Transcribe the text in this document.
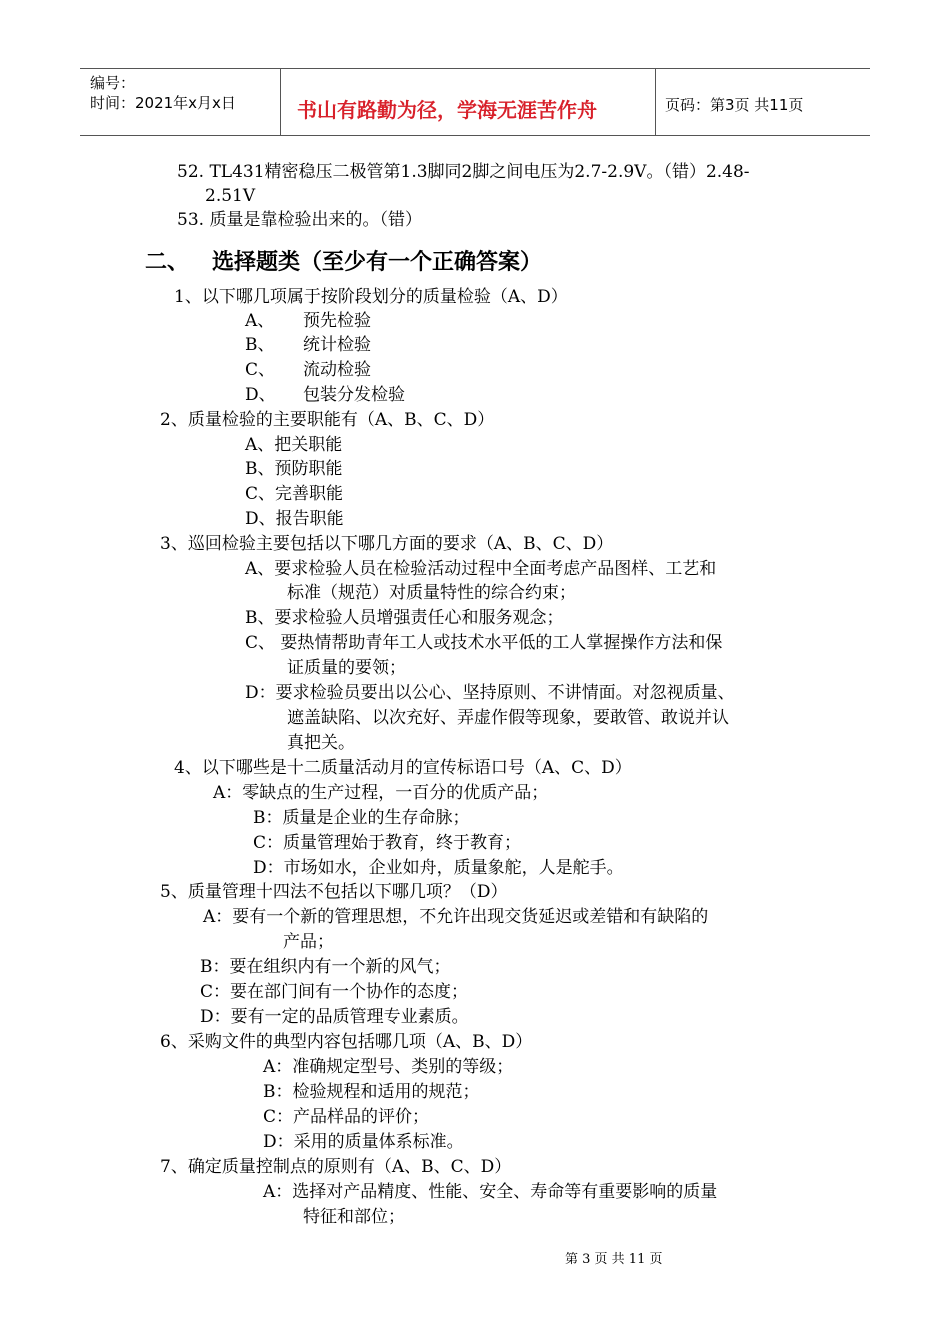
编号：
时间：2021年x月x日	书山有路勤为径，学海无涯苦作舟	页码：第3页 共11页
52. TL431精密稳压二极管第1.3脚同2脚之间电压为2.7-2.9V。（错）2.48-
2.51V
53. 质量是靠检验出来的。（错）
二、 选择题类（至少有一个正确答案）
1、以下哪几项属于按阶段划分的质量检验（A、D）
A、 预先检验
B、 统计检验
C、 流动检验
D、 包装分发检验
2、质量检验的主要职能有（A、B、C、D）
A、把关职能
B、预防职能
C、完善职能
D、报告职能
3、巡回检验主要包括以下哪几方面的要求（A、B、C、D）
A、要求检验人员在检验活动过程中全面考虑产品图样、工艺和
标准（规范）对质量特性的综合约束；
B、要求检验人员增强责任心和服务观念；
C、 要热情帮助青年工人或技术水平低的工人掌握操作方法和保
证质量的要领；
D：要求检验员要出以公心、坚持原则、不讲情面。对忽视质量、
遮盖缺陷、以次充好、弄虚作假等现象，要敢管、敢说并认
真把关。
4、以下哪些是十二质量活动月的宣传标语口号（A、C、D）
A：零缺点的生产过程，一百分的优质产品；
B：质量是企业的生存命脉；
C：质量管理始于教育，终于教育；
D：市场如水，企业如舟，质量象舵，人是舵手。
5、质量管理十四法不包括以下哪几项？（D）
A：要有一个新的管理思想，不允许出现交货延迟或差错和有缺陷的
产品；
B：要在组织内有一个新的风气；
C：要在部门间有一个协作的态度；
D：要有一定的品质管理专业素质。
6、采购文件的典型内容包括哪几项（A、B、D）
A：准确规定型号、类别的等级；
B：检验规程和适用的规范；
C：产品样品的评价；
D：采用的质量体系标准。
7、确定质量控制点的原则有（A、B、C、D）
A：选择对产品精度、性能、安全、寿命等有重要影响的质量
特征和部位；
第 3 页 共 11 页
